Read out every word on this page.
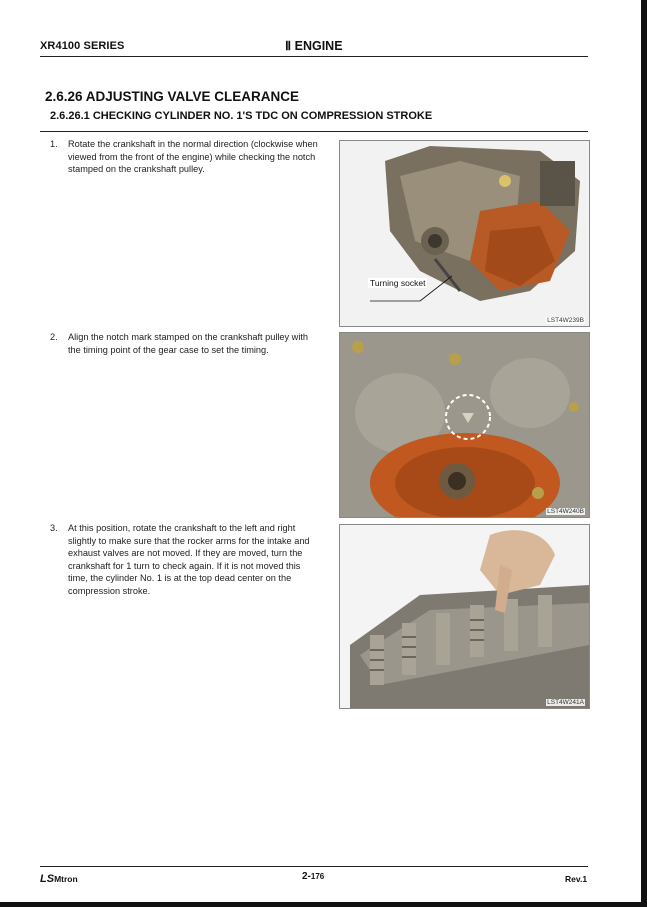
XR4100 SERIES	Ⅱ ENGINE
2.6.26 ADJUSTING VALVE CLEARANCE
2.6.26.1 CHECKING CYLINDER NO. 1'S TDC ON COMPRESSION STROKE
1. Rotate the crankshaft in the normal direction (clockwise when viewed from the front of the engine) while checking the notch stamped on the crankshaft pulley.
Turning socket
LST4W239B
2. Align the notch mark stamped on the crankshaft pulley with the timing point of the gear case to set the timing.
LST4W240B
3. At this position, rotate the crankshaft to the left and right slightly to make sure that the rocker arms for the intake and exhaust valves are not moved. If they are moved, turn the crankshaft for 1 turn to check again. If it is not moved this time, the cylinder No. 1 is at the top dead center on the compression stroke.
LST4W241A
LSMtron	2-176	Rev.1
